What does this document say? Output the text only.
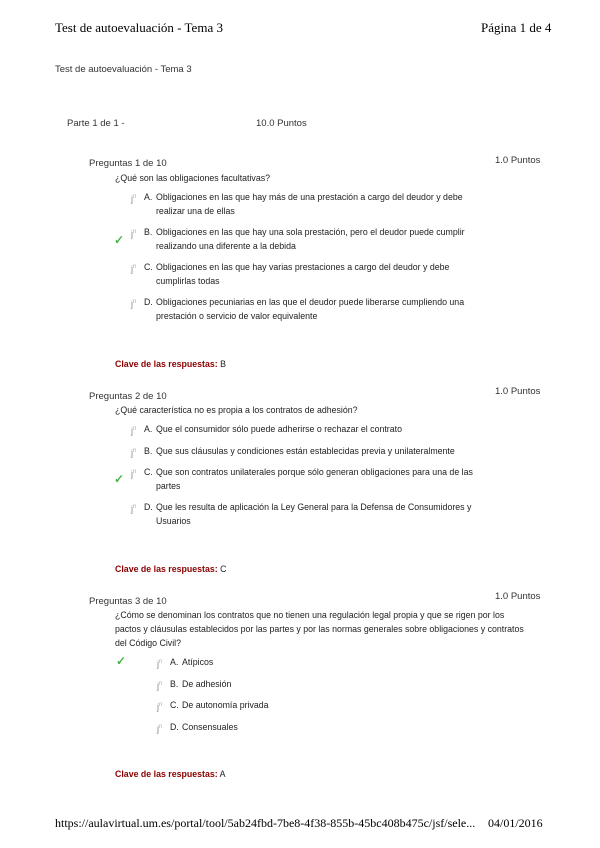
Test de autoevaluación - Tema 3	Página 1 de 4
Test de autoevaluación - Tema 3
Parte 1 de 1 -	10.0 Puntos
Preguntas 1 de 10	1.0 Puntos
¿Qué son las obligaciones facultativas?
$j^n$ A. Obligaciones en las que hay más de una prestación a cargo del deudor y debe realizar una de ellas
✓ $j^n$ B. Obligaciones en las que hay una sola prestación, pero el deudor puede cumplir realizando una diferente a la debida
$j^n$ C. Obligaciones en las que hay varias prestaciones a cargo del deudor y debe cumplirlas todas
$j^n$ D. Obligaciones pecuniarias en las que el deudor puede liberarse cumpliendo una prestación o servicio de valor equivalente
Clave de las respuestas: B
Preguntas 2 de 10	1.0 Puntos
¿Qué característica no es propia a los contratos de adhesión?
$j^n$ A. Que el consumidor sólo puede adherirse o rechazar el contrato
$j^n$ B. Que sus cláusulas y condiciones están establecidas previa y unilateralmente
✓ $j^n$ C. Que son contratos unilaterales porque sólo generan obligaciones para una de las partes
$j^n$ D. Que les resulta de aplicación la Ley General para la Defensa de Consumidores y Usuarios
Clave de las respuestas: C
Preguntas 3 de 10	1.0 Puntos
¿Cómo se denominan los contratos que no tienen una regulación legal propia y que se rigen por los pactos y cláusulas establecidos por las partes y por las normas generales sobre obligaciones y contratos del Código Civil?
✓	$j^n$ A. Atípicos
$j^n$ B. De adhesión
$j^n$ C. De autonomía privada
$j^n$ D. Consensuales
Clave de las respuestas: A
https://aulavirtual.um.es/portal/tool/5ab24fbd-7be8-4f38-855b-45bc408b475c/jsf/sele... 04/01/2016
